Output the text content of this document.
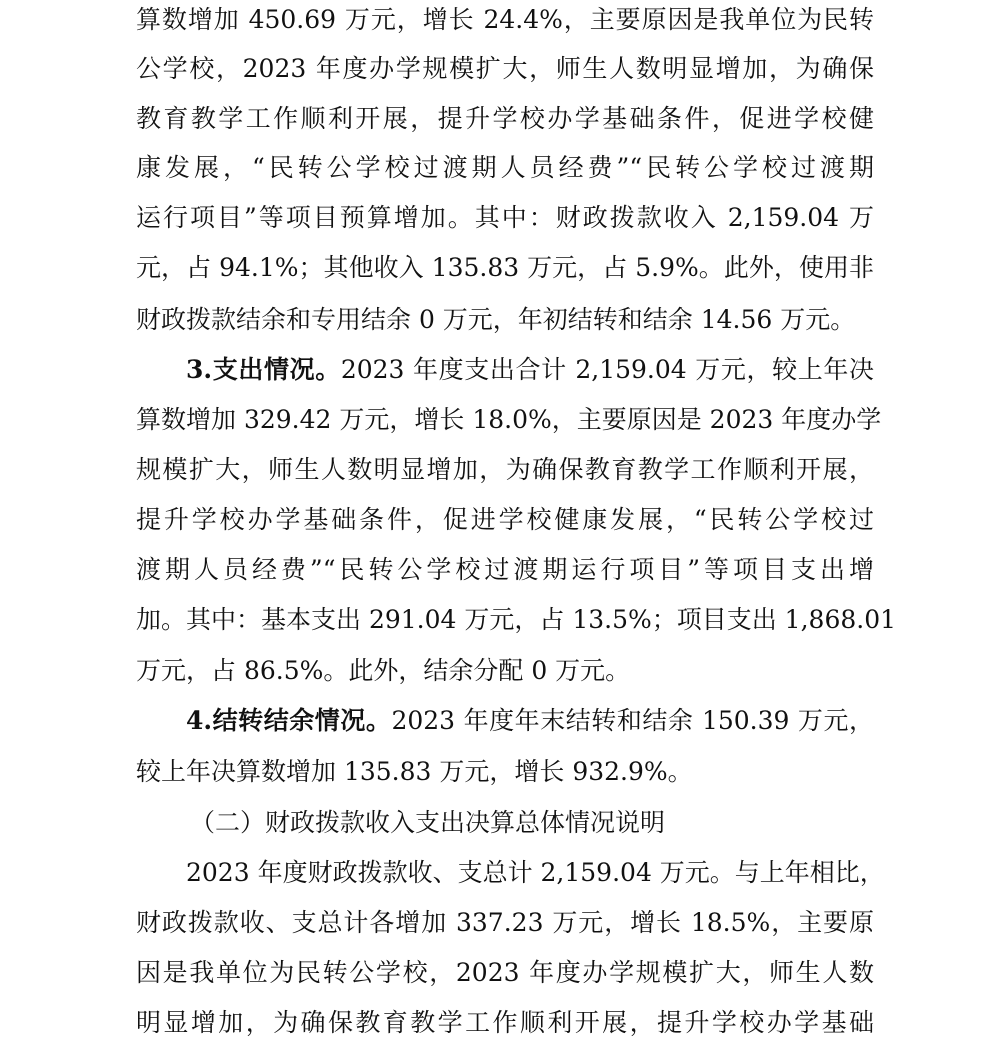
算数增加 450.69 万元，增长 24.4%，主要原因是我单位为民转
公学校，2023 年度办学规模扩大，师生人数明显增加，为确保
教育教学工作顺利开展，提升学校办学基础条件，促进学校健
康发展，“民转公学校过渡期人员经费”“民转公学校过渡期
运行项目”等项目预算增加。其中：财政拨款收入 2,159.04 万
元，占 94.1%；其他收入 135.83 万元，占 5.9%。此外，使用非
财政拨款结余和专用结余 0 万元，年初结转和结余 14.56 万元。
3.支出情况。2023 年度支出合计 2,159.04 万元，较上年决
算数增加 329.42 万元，增长 18.0%，主要原因是 2023 年度办学
规模扩大，师生人数明显增加，为确保教育教学工作顺利开展，
提升学校办学基础条件，促进学校健康发展，“民转公学校过
渡期人员经费”“民转公学校过渡期运行项目”等项目支出增
加。其中：基本支出 291.04 万元，占 13.5%；项目支出 1,868.01
万元，占 86.5%。此外，结余分配 0 万元。
4.结转结余情况。2023 年度年末结转和结余 150.39 万元，
较上年决算数增加 135.83 万元，增长 932.9%。
（二）财政拨款收入支出决算总体情况说明
2023 年度财政拨款收、支总计 2,159.04 万元。与上年相比，
财政拨款收、支总计各增加 337.23 万元，增长 18.5%，主要原
因是我单位为民转公学校，2023 年度办学规模扩大，师生人数
明显增加，为确保教育教学工作顺利开展，提升学校办学基础
